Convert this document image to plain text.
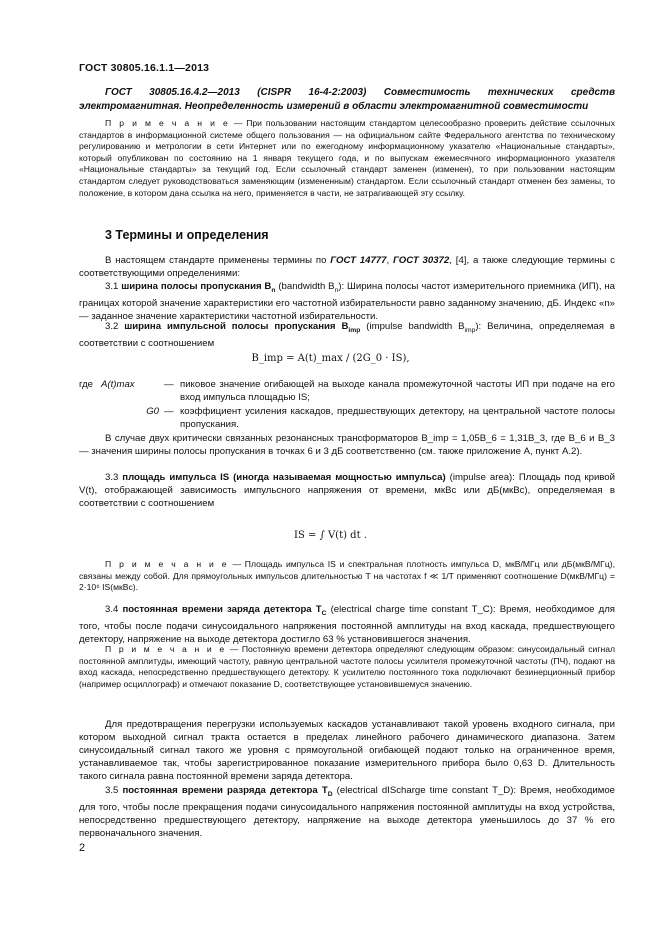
ГОСТ 30805.16.1.1—2013
ГОСТ 30805.16.4.2—2013 (CISPR 16-4-2:2003) Совместимость технических средств электромагнитная. Неопределенность измерений в области электромагнитной совместимости
П р и м е ч а н и е — При пользовании настоящим стандартом целесообразно проверить действие ссылочных стандартов в информационной системе общего пользования — на официальном сайте Федерального агентства по техническому регулированию и метрологии в сети Интернет или по ежегодному информационному указателю «Национальные стандарты», который опубликован по состоянию на 1 января текущего года, и по выпускам ежемесячного информационного указателя «Национальные стандарты» за текущий год. Если ссылочный стандарт заменен (изменен), то при пользовании настоящим стандартом следует руководствоваться заменяющим (измененным) стандартом. Если ссылочный стандарт отменен без замены, то положение, в котором дана ссылка на него, применяется в части, не затрагивающей эту ссылку.
3 Термины и определения
В настоящем стандарте применены термины по ГОСТ 14777, ГОСТ 30372, [4], а также следующие термины с соответствующими определениями:
3.1 ширина полосы пропускания $B_n$ (bandwidth $B_n$): Ширина полосы частот измерительного приемника (ИП), на границах которой значение характеристики его частотной избирательности равно заданному значению, дБ. Индекс «n» — заданное значение характеристики частотной избирательности.
3.2 ширина импульсной полосы пропускания $B_{imp}$ (impulse bandwidth $B_{imp}$): Величина, определяемая в соответствии с соотношением
B_imp = A(t)_max / (2G_0 · IS),
где A(t)max	— пиковое значение огибающей на выходе канала промежуточной частоты ИП при подаче на его вход импульса площадью IS;
G0 — коэффициент усиления каскадов, предшествующих детектору, на центральной частоте полосы пропускания.
В случае двух критически связанных резонансных трансформаторов B_imp = 1,05B_6 = 1,31B_3, где B_6 и B_3 — значения ширины полосы пропускания в точках 6 и 3 дБ соответственно (см. также приложение А, пункт А.2).
3.3 площадь импульса IS (иногда называемая мощностью импульса) (impulse area): Площадь под кривой V(t), отображающей зависимость импульсного напряжения от времени, мкВс или дБ(мкВс), определяемая в соответствии с соотношением
IS = ∫ V(t) dt .
П р и м е ч а н и е — Площадь импульса IS и спектральная плотность импульса D, мкВ/МГц или дБ(мкВ/МГц), связаны между собой. Для прямоугольных импульсов длительностью T на частотах f ≪ 1/T применяют соотношение D(мкВ/МГц) = 2·10⁶ IS(мкВс).
3.4 постоянная времени заряда детектора $T_C$ (electrical charge time constant T_C): Время, необходимое для того, чтобы после подачи синусоидального напряжения постоянной амплитуды на вход каскада, предшествующего детектору, напряжение на выходе детектора достигло 63 % установившегося значения.
П р и м е ч а н и е — Постоянную времени детектора определяют следующим образом: синусоидальный сигнал постоянной амплитуды, имеющий частоту, равную центральной частоте полосы усилителя промежуточной частоты (ПЧ), подают на вход каскада, непосредственно предшествующего детектору. К усилителю постоянного тока подключают безинерционный прибор (например осциллограф) и отмечают показание D, соответствующее установившемуся значению.
Для предотвращения перегрузки используемых каскадов устанавливают такой уровень входного сигнала, при котором выходной сигнал тракта остается в пределах линейного рабочего динамического диапазона. Затем синусоидальный сигнал такого же уровня с прямоугольной огибающей подают только на ограниченное время, устанавливаемое так, чтобы зарегистрированное показание измерительного прибора было 0,63 D. Длительность такого сигнала равна постоянной времени заряда детектора.
3.5 постоянная времени разряда детектора $T_D$ (electrical dIScharge time constant T_D): Время, необходимое для того, чтобы после прекращения подачи синусоидального напряжения постоянной амплитуды на вход устройства, непосредственно предшествующего детектору, напряжение на выходе детектора уменьшилось до 37 % его первоначального значения.
2
